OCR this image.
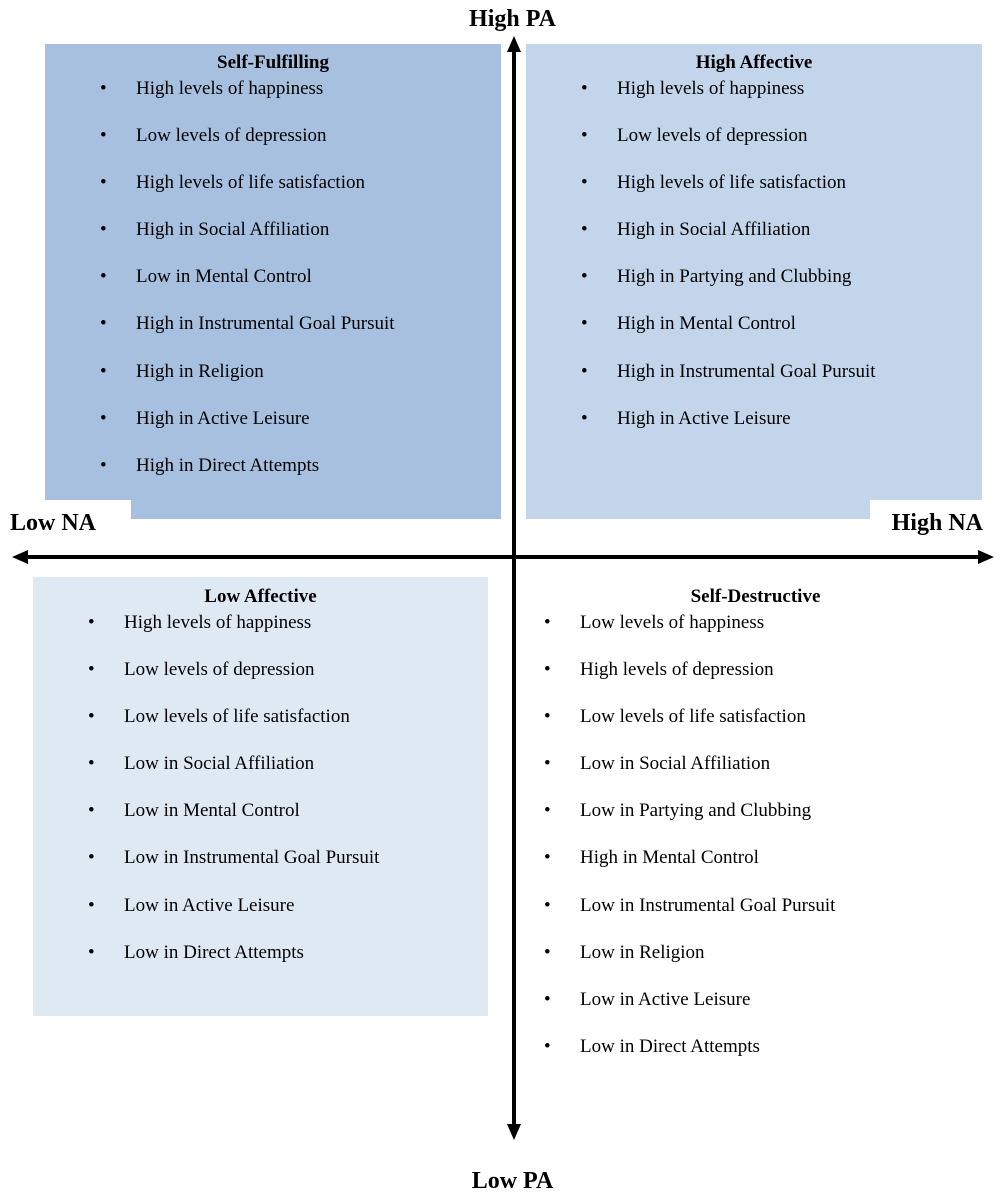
Self-Fulfilling
• High levels of happiness
• Low levels of depression
• High levels of life satisfaction
• High in Social Affiliation
• Low in Mental Control
• High in Instrumental Goal Pursuit
• High in Religion
• High in Active Leisure
• High in Direct Attempts
High Affective
• High levels of happiness
• Low levels of depression
• High levels of life satisfaction
• High in Social Affiliation
• High in Partying and Clubbing
• High in Mental Control
• High in Instrumental Goal Pursuit
• High in Active Leisure
Low Affective
• High levels of happiness
• Low levels of depression
• Low levels of life satisfaction
• Low in Social Affiliation
• Low in Mental Control
• Low in Instrumental Goal Pursuit
• Low in Active Leisure
• Low in Direct Attempts
Self-Destructive
• Low levels of happiness
• High levels of depression
• Low levels of life satisfaction
• Low in Social Affiliation
• Low in Partying and Clubbing
• High in Mental Control
• Low in Instrumental Goal Pursuit
• Low in Religion
• Low in Active Leisure
• Low in Direct Attempts
High PA
Low PA
Low NA	High NA
